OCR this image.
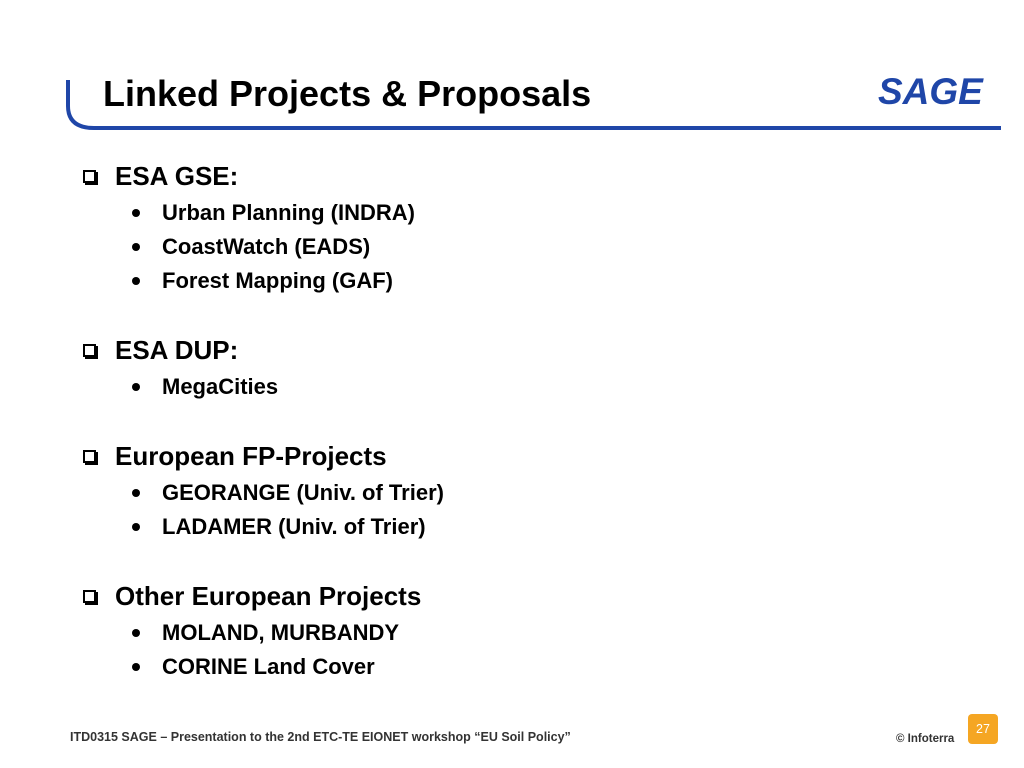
Linked Projects & Proposals	SAGE
ESA GSE:
Urban Planning (INDRA)
CoastWatch (EADS)
Forest Mapping (GAF)
ESA DUP:
MegaCities
European FP-Projects
GEORANGE (Univ. of Trier)
LADAMER (Univ. of Trier)
Other European Projects
MOLAND, MURBANDY
CORINE Land Cover
ITD0315 SAGE – Presentation to the 2nd ETC-TE EIONET workshop “EU Soil Policy”	© Infoterra
27
